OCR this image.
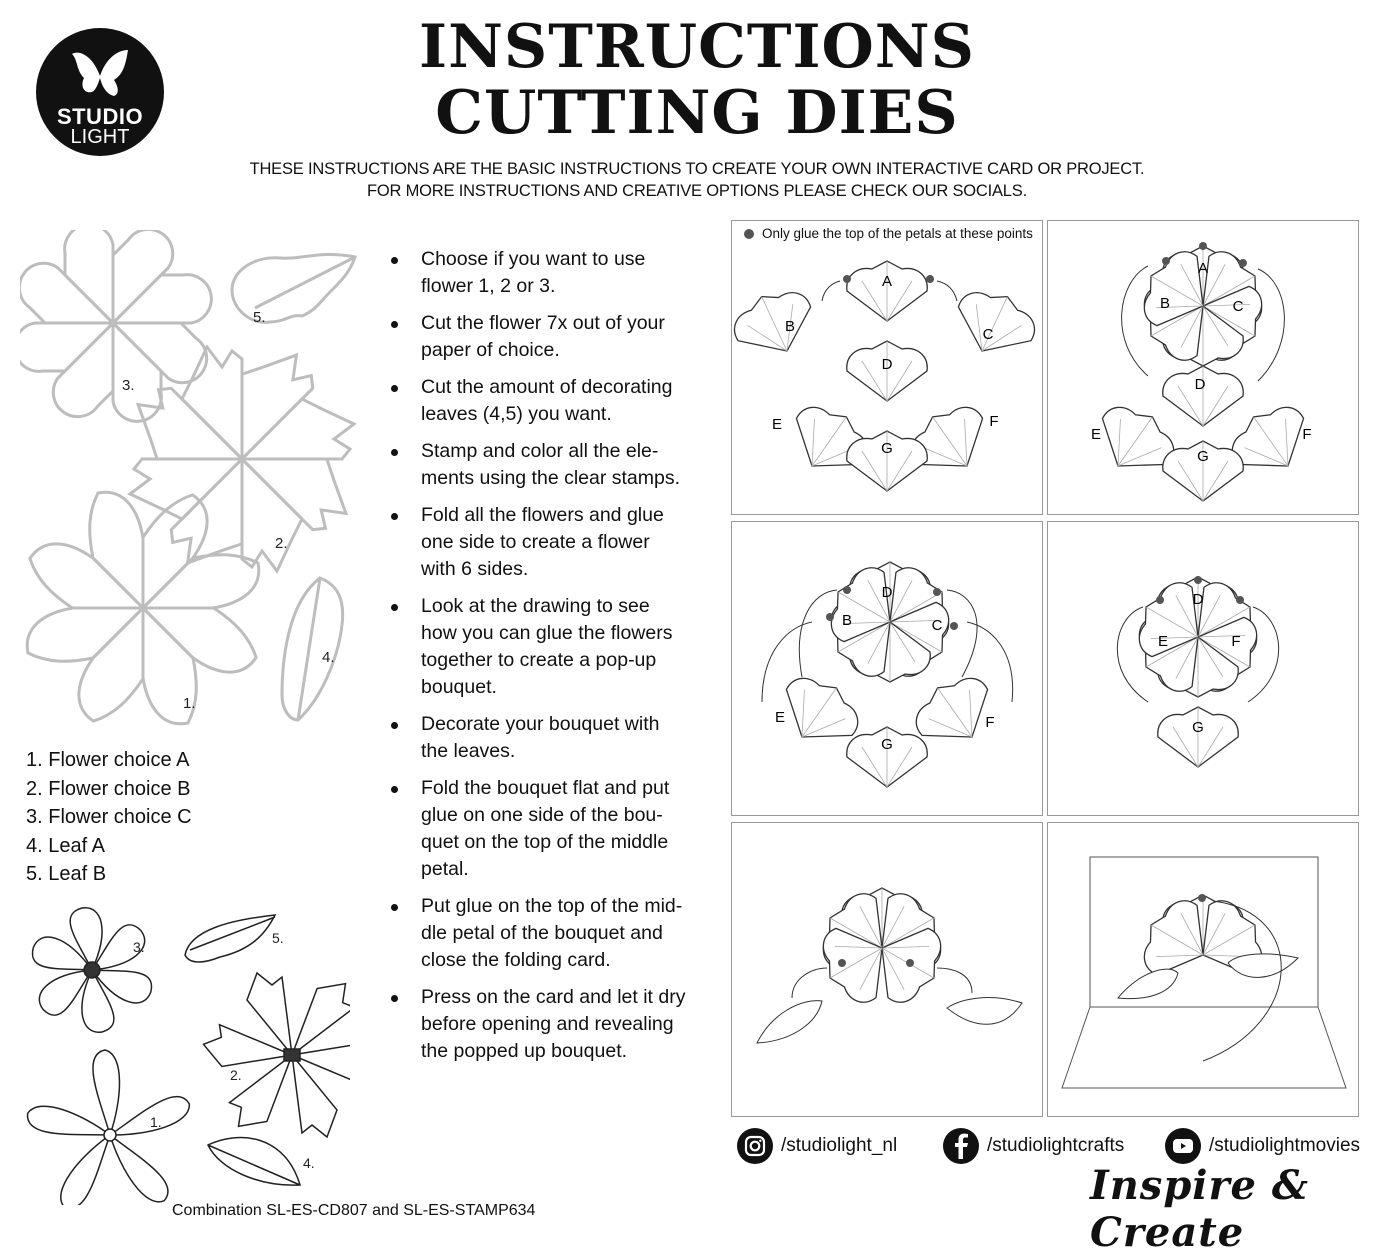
STUDIO
LIGHT
INSTRUCTIONS
CUTTING DIES
THESE INSTRUCTIONS ARE THE BASIC INSTRUCTIONS TO CREATE YOUR OWN INTERACTIVE CARD OR PROJECT.
FOR MORE INSTRUCTIONS AND CREATIVE OPTIONS PLEASE CHECK OUR SOCIALS.
1.
2.
3.
4.
5.
1. Flower choice A
2. Flower choice B
3. Flower choice C
4. Leaf A
5. Leaf B
1.
2.
3.
4.
5.
Combination SL-ES-CD807 and SL-ES-STAMP634
Choose if you want to use flower 1, 2 or 3.
Cut the flower 7x out of your paper of choice.
Cut the amount of decorating leaves (4,5) you want.
Stamp and color all the ele-ments using the clear stamps.
Fold all the flowers and glue one side to create a flower with 6 sides.
Look at the drawing to see how you can glue the flowers together to create a pop-up bouquet.
Decorate your bouquet with the leaves.
Fold the bouquet flat and put glue on one side of the bou-quet on the top of the middle petal.
Put glue on the top of the mid-dle petal of the bouquet and close the folding card.
Press on the card and let it dry before opening and revealing the popped up bouquet.
A
B	C
D
E	F
G
Only glue the top of the petals at these points
A
B	C
D
E	F
G
D
B	C
E	F
G
D
E	F
G
/studiolight_nl	/studiolightcrafts	/studiolightmovies
Inspire & Create
